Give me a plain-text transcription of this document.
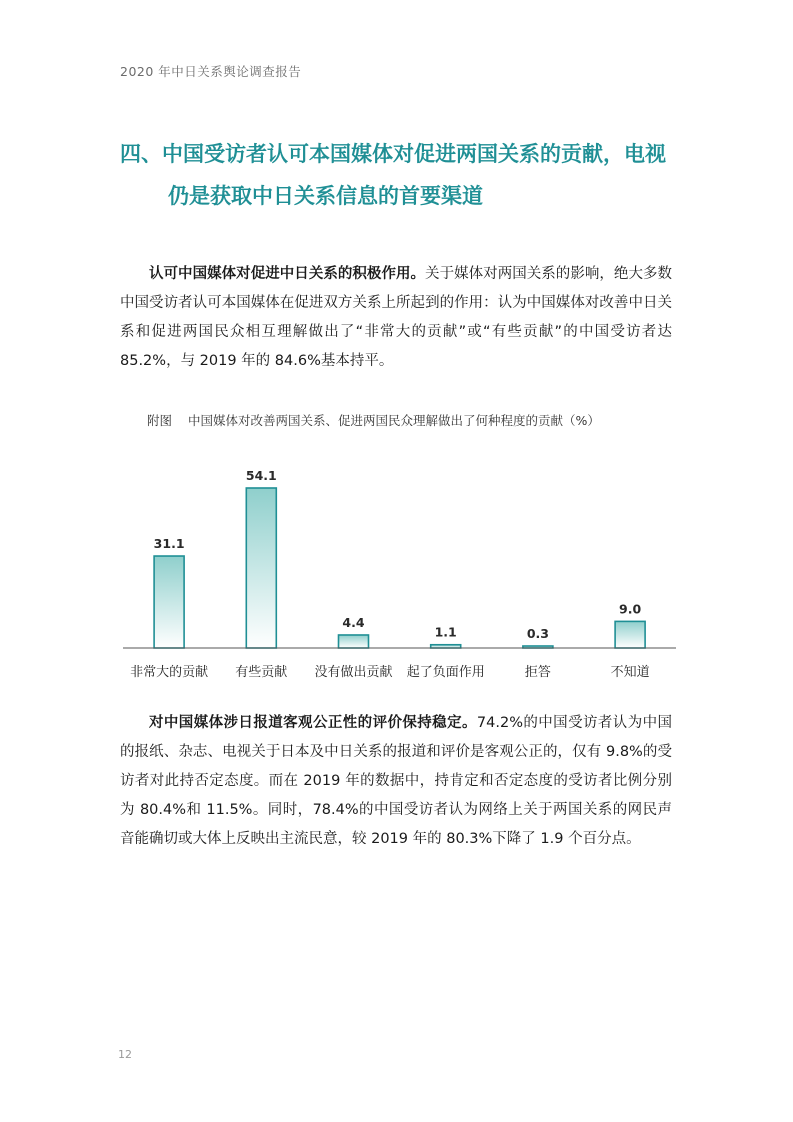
2020 年中日关系舆论调查报告
四、中国受访者认可本国媒体对促进两国关系的贡献，电视
仍是获取中日关系信息的首要渠道

认可中国媒体对促进中日关系的积极作用。关于媒体对两国关系的影响，绝大多数中国受访者认可本国媒体在促进双方关系上所起到的作用：认为中国媒体对改善中日关系和促进两国民众相互理解做出了“非常大的贡献”或“有些贡献”的中国受访者达 85.2%，与 2019 年的 84.6%基本持平。

附图 中国媒体对改善两国关系、促进两国民众理解做出了何种程度的贡献（%）
31.1
非常大的贡献
54.1
有些贡献
4.4
没有做出贡献
1.1
起了负面作用
0.3
拒答
9.0
不知道

对中国媒体涉日报道客观公正性的评价保持稳定。74.2%的中国受访者认为中国的报纸、杂志、电视关于日本及中日关系的报道和评价是客观公正的，仅有 9.8%的受访者对此持否定态度。而在 2019 年的数据中，持肯定和否定态度的受访者比例分别为 80.4%和 11.5%。同时，78.4%的中国受访者认为网络上关于两国关系的网民声音能确切或大体上反映出主流民意，较 2019 年的 80.3%下降了 1.9 个百分点。

12
